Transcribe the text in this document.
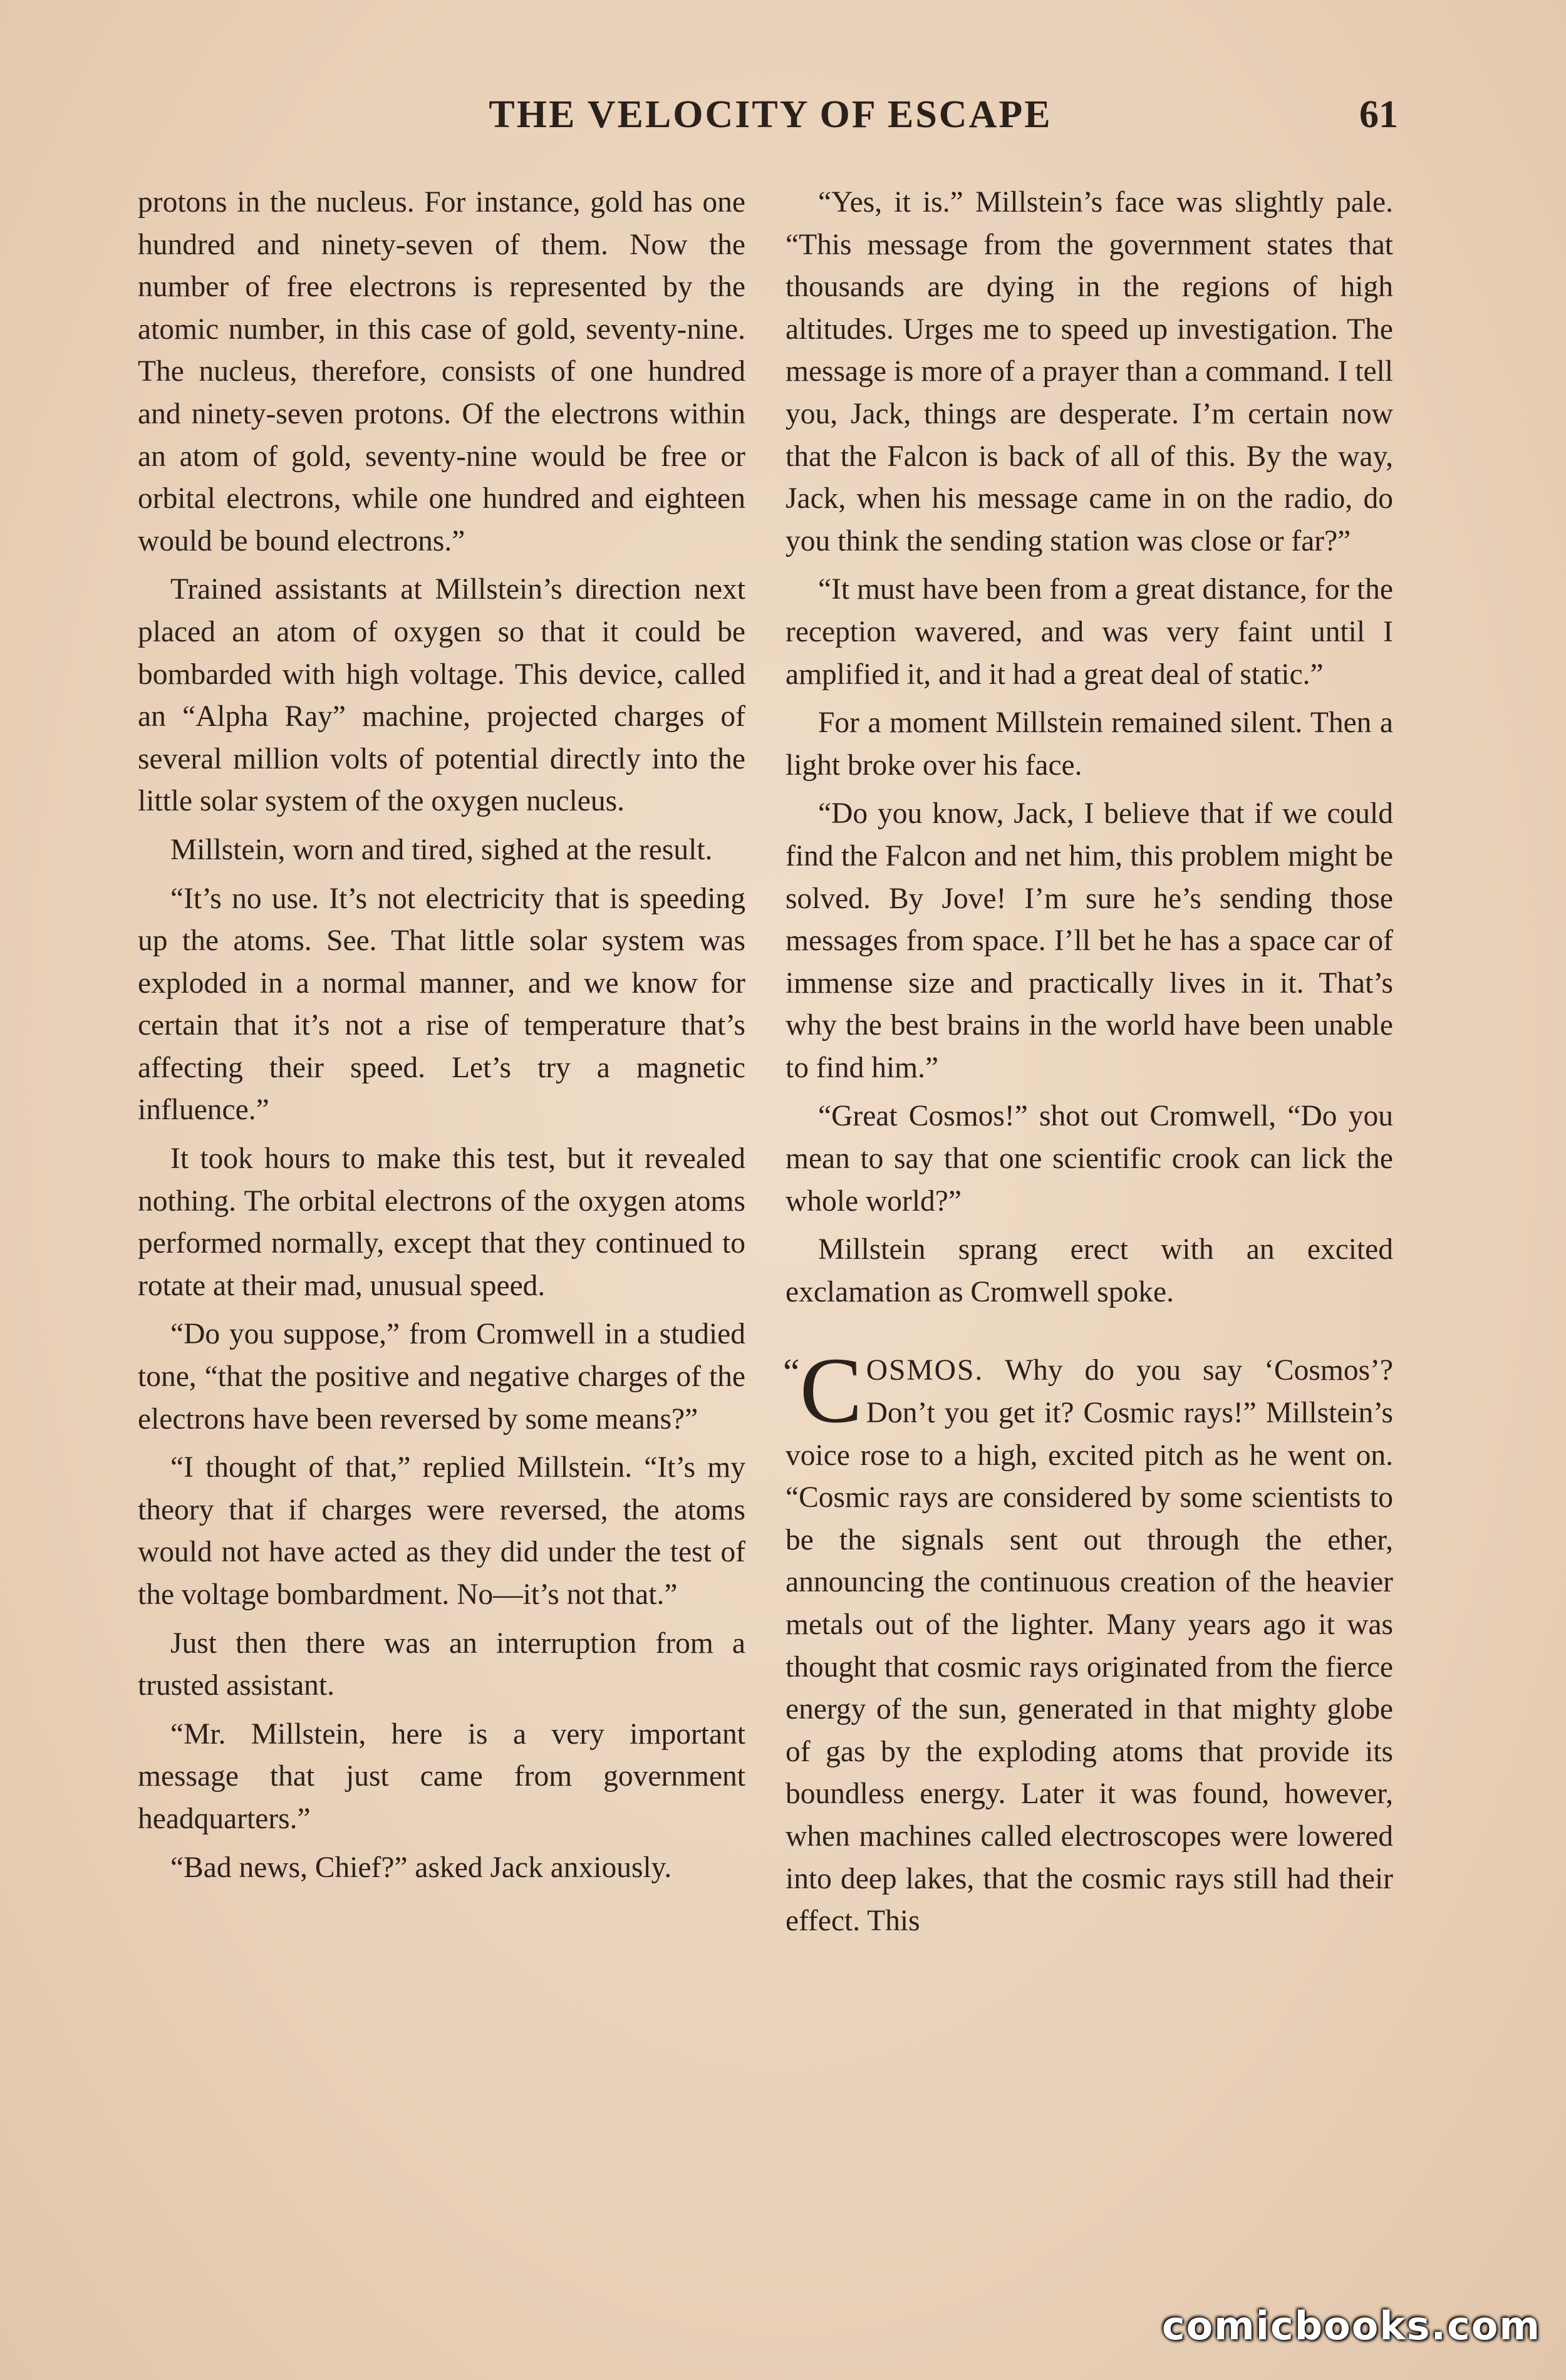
THE VELOCITY OF ESCAPE	61

protons in the nucleus. For instance, gold has one hundred and ninety-seven of them. Now the number of free electrons is represented by the atomic number, in this case of gold, seventy-nine. The nucleus, therefore, consists of one hundred and ninety-seven protons. Of the electrons within an atom of gold, seventy-nine would be free or orbital electrons, while one hundred and eighteen would be bound electrons.”

Trained assistants at Millstein’s direction next placed an atom of oxygen so that it could be bombarded with high voltage. This device, called an “Alpha Ray” machine, projected charges of several million volts of potential directly into the little solar system of the oxygen nucleus.

Millstein, worn and tired, sighed at the result.

“It’s no use. It’s not electricity that is speeding up the atoms. See. That little solar system was exploded in a normal manner, and we know for certain that it’s not a rise of temperature that’s affecting their speed. Let’s try a magnetic influence.”

It took hours to make this test, but it revealed nothing. The orbital electrons of the oxygen atoms performed normally, except that they continued to rotate at their mad, unusual speed.

“Do you suppose,” from Cromwell in a studied tone, “that the positive and negative charges of the electrons have been reversed by some means?”

“I thought of that,” replied Millstein. “It’s my theory that if charges were reversed, the atoms would not have acted as they did under the test of the voltage bombardment. No—it’s not that.”

Just then there was an interruption from a trusted assistant.

“Mr. Millstein, here is a very important message that just came from government headquarters.”

“Bad news, Chief?” asked Jack anxiously.

“Yes, it is.” Millstein’s face was slightly pale. “This message from the government states that thousands are dying in the regions of high altitudes. Urges me to speed up investigation. The message is more of a prayer than a command. I tell you, Jack, things are desperate. I’m certain now that the Falcon is back of all of this. By the way, Jack, when his message came in on the radio, do you think the sending station was close or far?”

“It must have been from a great distance, for the reception wavered, and was very faint until I amplified it, and it had a great deal of static.”

For a moment Millstein remained silent. Then a light broke over his face.

“Do you know, Jack, I believe that if we could find the Falcon and net him, this problem might be solved. By Jove! I’m sure he’s sending those messages from space. I’ll bet he has a space car of immense size and practically lives in it. That’s why the best brains in the world have been unable to find him.”

“Great Cosmos!” shot out Cromwell, “Do you mean to say that one scientific crook can lick the whole world?”

Millstein sprang erect with an excited exclamation as Cromwell spoke.

“C OSMOS. Why do you say ‘Cosmos’? Don’t you get it? Cosmic rays!” Millstein’s voice rose to a high, excited pitch as he went on. “Cosmic rays are considered by some scientists to be the signals sent out through the ether, announcing the continuous creation of the heavier metals out of the lighter. Many years ago it was thought that cosmic rays originated from the fierce energy of the sun, generated in that mighty globe of gas by the exploding atoms that provide its boundless energy. Later it was found, however, when machines called electroscopes were lowered into deep lakes, that the cosmic rays still had their effect. This

comicbooks.com
